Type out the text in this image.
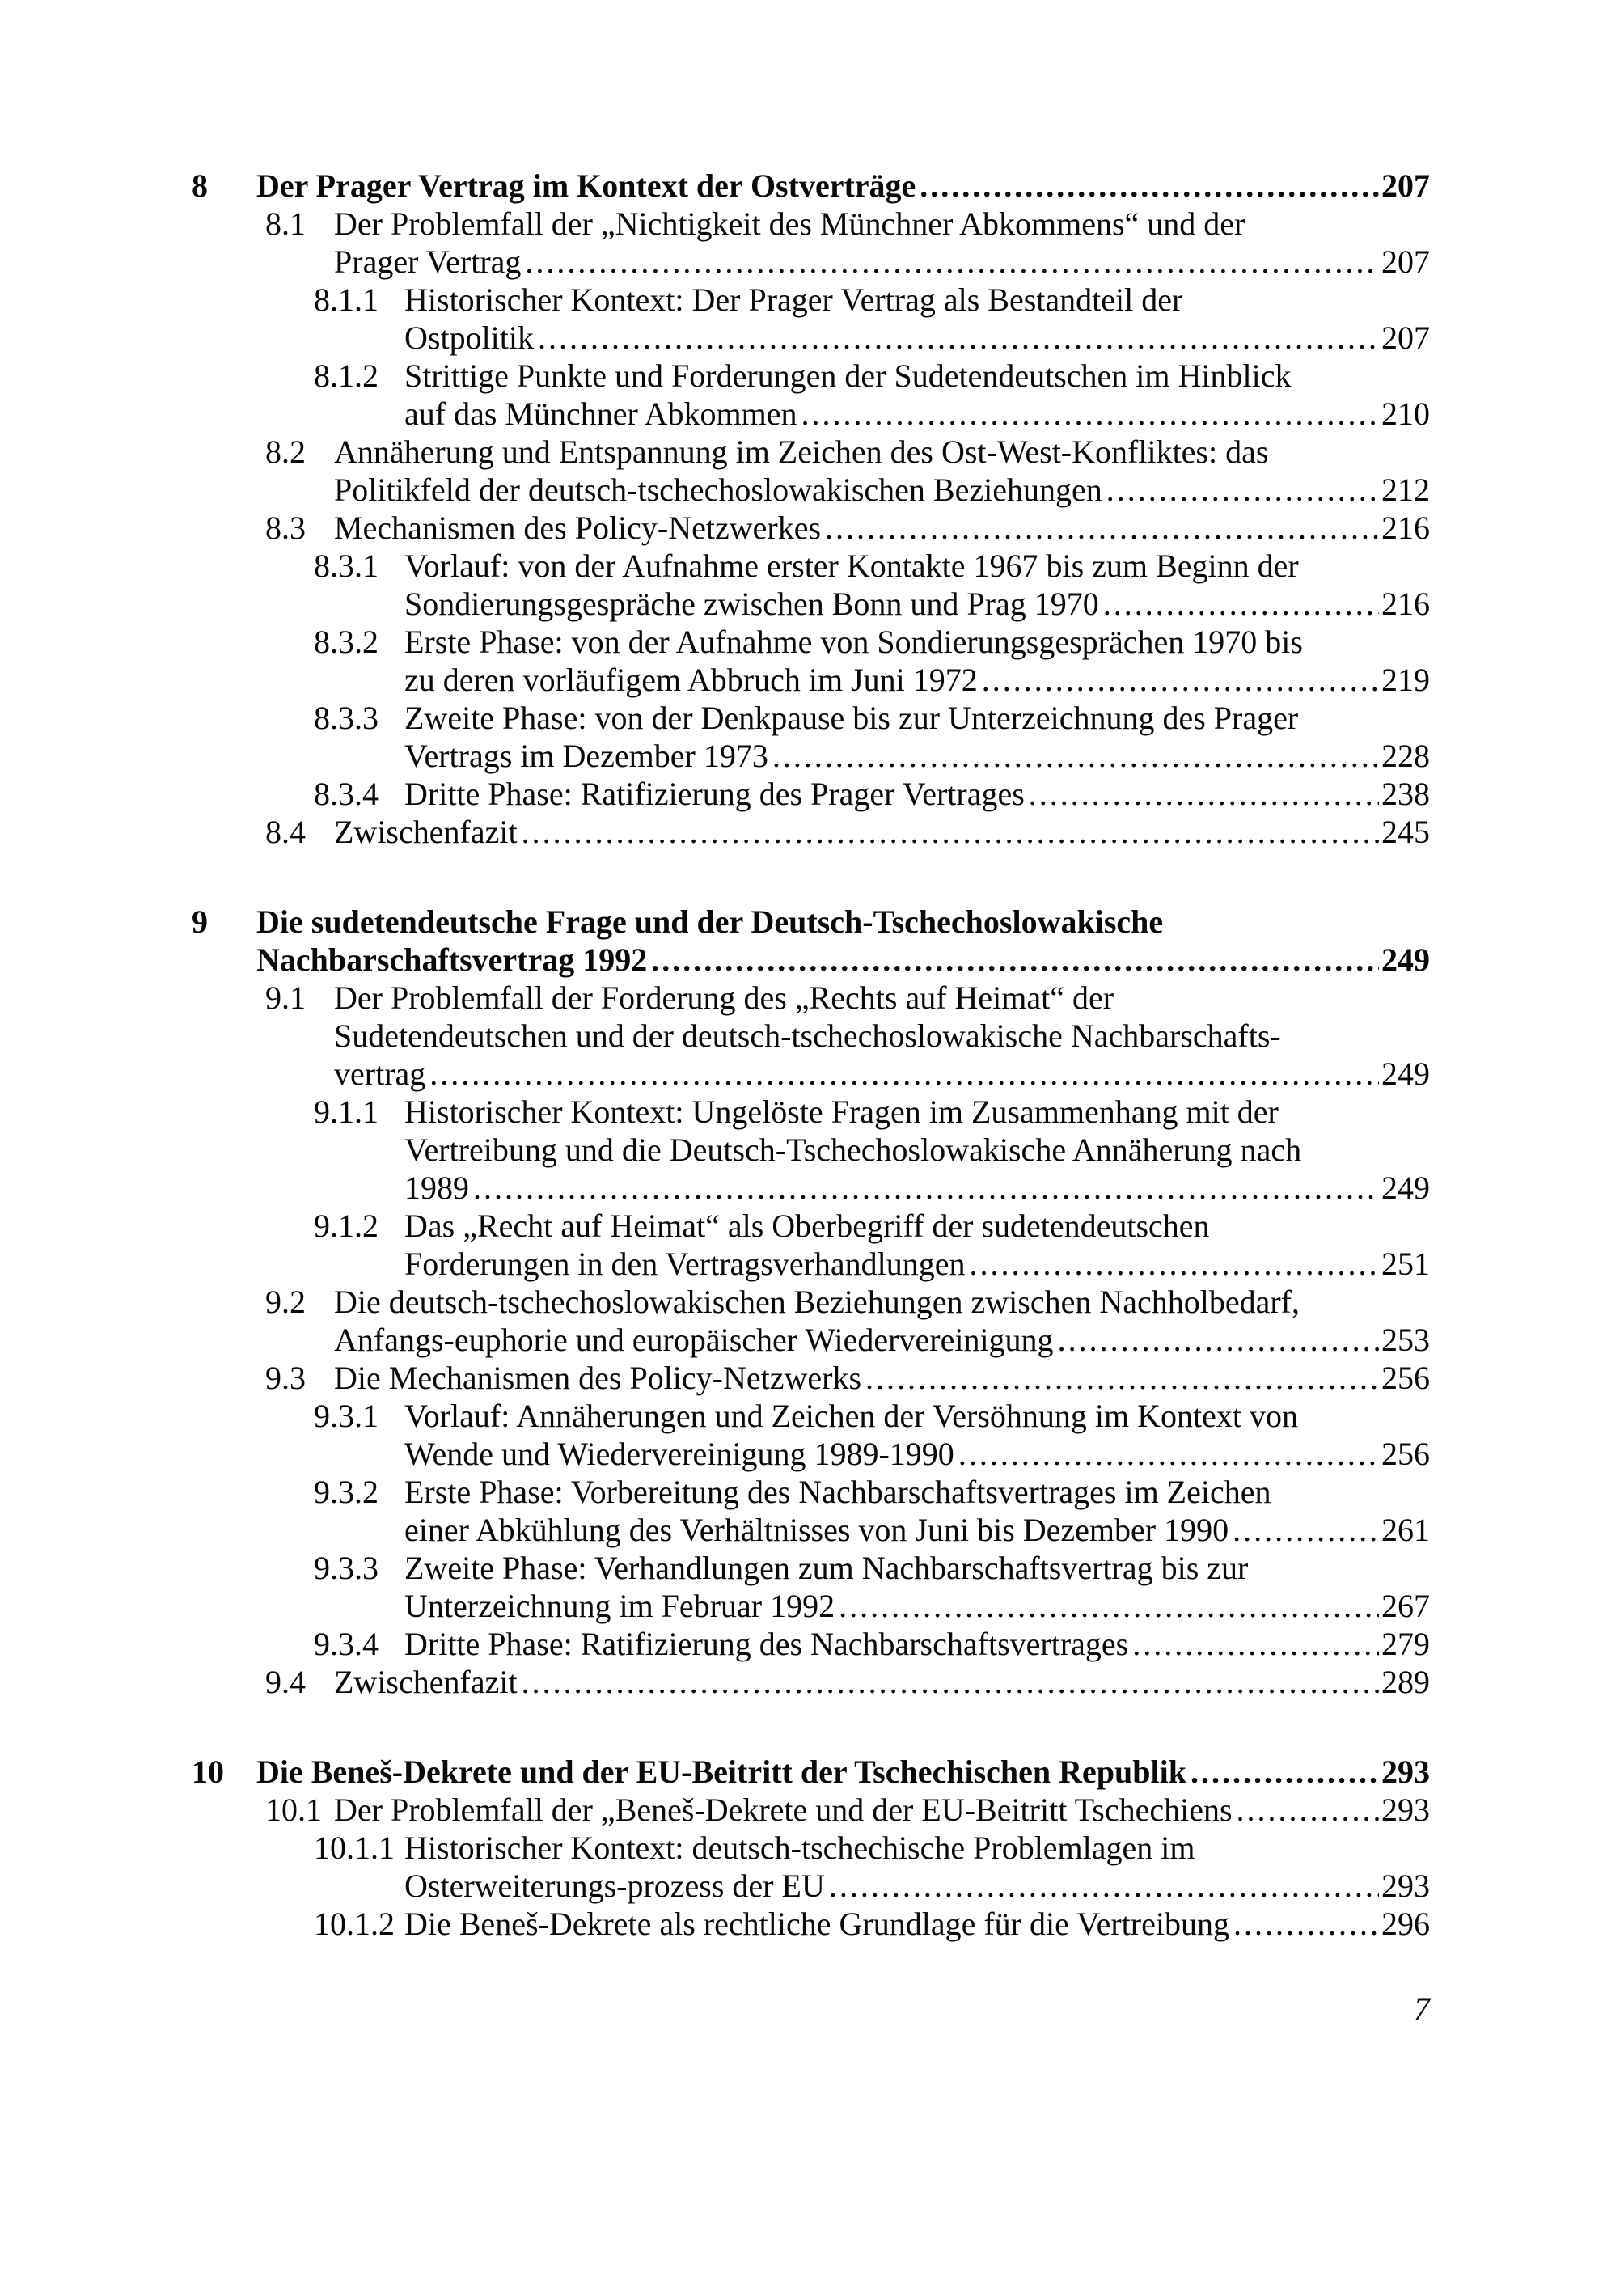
8	Der Prager Vertrag im Kontext der Ostverträge .....	207
8.1 Der Problemfall der „Nichtigkeit des Münchner Abkommens“ und der
Prager Vertrag .....	207
8.1.1 Historischer Kontext: Der Prager Vertrag als Bestandteil der
Ostpolitik .....	207
8.1.2 Strittige Punkte und Forderungen der Sudetendeutschen im Hinblick
auf das Münchner Abkommen .....	210
8.2 Annäherung und Entspannung im Zeichen des Ost-West-Konfliktes: das
Politikfeld der deutsch-tschechoslowakischen Beziehungen .....	212
8.3 Mechanismen des Policy-Netzwerkes .....	216
8.3.1 Vorlauf: von der Aufnahme erster Kontakte 1967 bis zum Beginn der
Sondierungsgespräche zwischen Bonn und Prag 1970 .....	216
8.3.2 Erste Phase: von der Aufnahme von Sondierungsgesprächen 1970 bis
zu deren vorläufigem Abbruch im Juni 1972 .....	219
8.3.3 Zweite Phase: von der Denkpause bis zur Unterzeichnung des Prager
Vertrags im Dezember 1973 .....	228
8.3.4 Dritte Phase: Ratifizierung des Prager Vertrages .....	238
8.4 Zwischenfazit .....	245
9	Die sudetendeutsche Frage und der Deutsch-Tschechoslowakische
Nachbarschaftsvertrag 1992 .....	249
9.1 Der Problemfall der Forderung des „Rechts auf Heimat“ der
Sudetendeutschen und der deutsch-tschechoslowakische Nachbarschafts-
vertrag .....	249
9.1.1 Historischer Kontext: Ungelöste Fragen im Zusammenhang mit der
Vertreibung und die Deutsch-Tschechoslowakische Annäherung nach
1989 .....	249
9.1.2 Das „Recht auf Heimat“ als Oberbegriff der sudetendeutschen
Forderungen in den Vertragsverhandlungen .....	251
9.2 Die deutsch-tschechoslowakischen Beziehungen zwischen Nachholbedarf,
Anfangs-euphorie und europäischer Wiedervereinigung .....	253
9.3 Die Mechanismen des Policy-Netzwerks .....	256
9.3.1 Vorlauf: Annäherungen und Zeichen der Versöhnung im Kontext von
Wende und Wiedervereinigung 1989-1990 .....	256
9.3.2 Erste Phase: Vorbereitung des Nachbarschaftsvertrages im Zeichen
einer Abkühlung des Verhältnisses von Juni bis Dezember 1990 .....	261
9.3.3 Zweite Phase: Verhandlungen zum Nachbarschaftsvertrag bis zur
Unterzeichnung im Februar 1992 .....	267
9.3.4 Dritte Phase: Ratifizierung des Nachbarschaftsvertrages .....	279
9.4 Zwischenfazit .....	289
10	Die Beneš-Dekrete und der EU-Beitritt der Tschechischen Republik .....	293
10.1 Der Problemfall der „Beneš-Dekrete und der EU-Beitritt Tschechiens .....	293
10.1.1 Historischer Kontext: deutsch-tschechische Problemlagen im
Osterweiterungs-prozess der EU .....	293
10.1.2 Die Beneš-Dekrete als rechtliche Grundlage für die Vertreibung .....	296
7
